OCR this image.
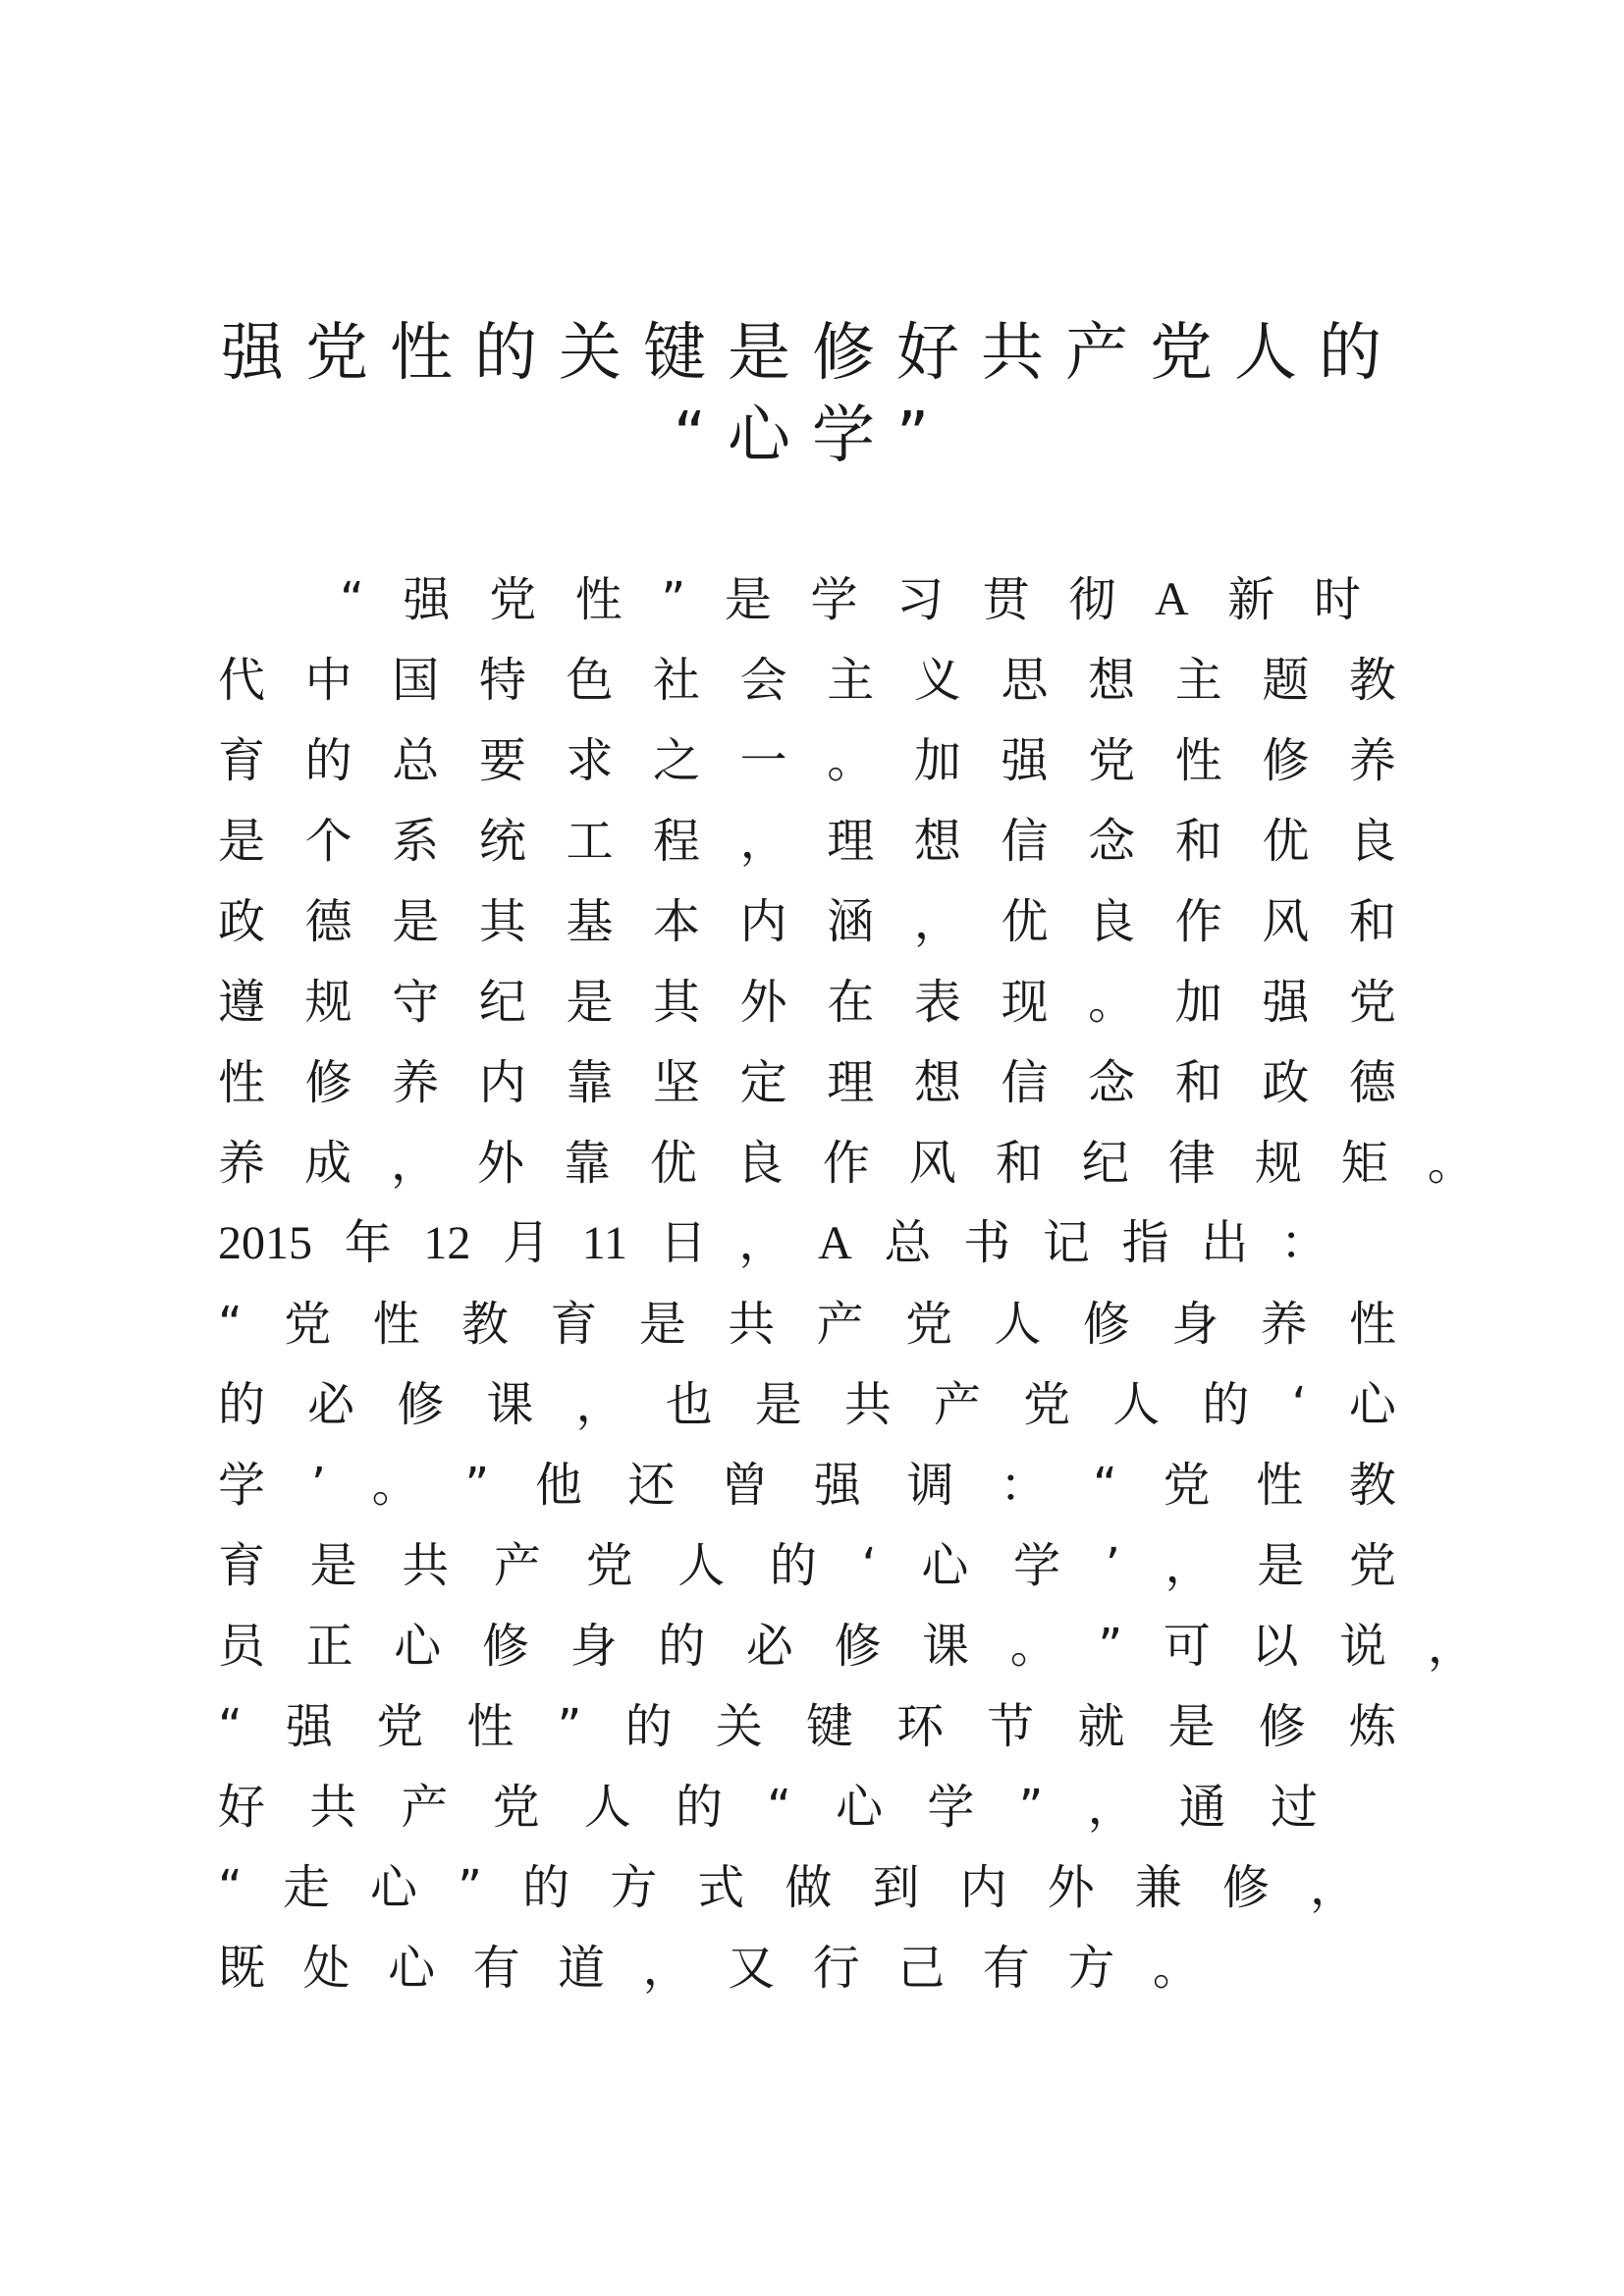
强党性的关键是修好共产党人的
“心学”
“ 强 党 性 ” 是 学 习 贯 彻 A 新 时
代 中 国 特 色 社 会 主 义 思 想 主 题 教
育 的 总 要 求 之 一 。 加 强 党 性 修 养
是 个 系 统 工 程 ， 理 想 信 念 和 优 良
政 德 是 其 基 本 内 涵 ， 优 良 作 风 和
遵 规 守 纪 是 其 外 在 表 现 。 加 强 党
性 修 养 内 靠 坚 定 理 想 信 念 和 政 德
养 成 ， 外 靠 优 良 作 风 和 纪 律 规 矩 。
2015 年 12 月 11 日 ， A 总 书 记 指 出 ：
“ 党 性 教 育 是 共 产 党 人 修 身 养 性
的 必 修 课 ， 也 是 共 产 党 人 的 ‘ 心
学 ’ 。 ” 他 还 曾 强 调 ： “ 党 性 教
育 是 共 产 党 人 的 ‘ 心 学 ’ ， 是 党
员 正 心 修 身 的 必 修 课 。 ” 可 以 说 ，
“ 强 党 性 ” 的 关 键 环 节 就 是 修 炼
好 共 产 党 人 的 “ 心 学 ” ， 通 过
“ 走 心 ” 的 方 式 做 到 内 外 兼 修 ，
既 处 心 有 道 ， 又 行 己 有 方 。
